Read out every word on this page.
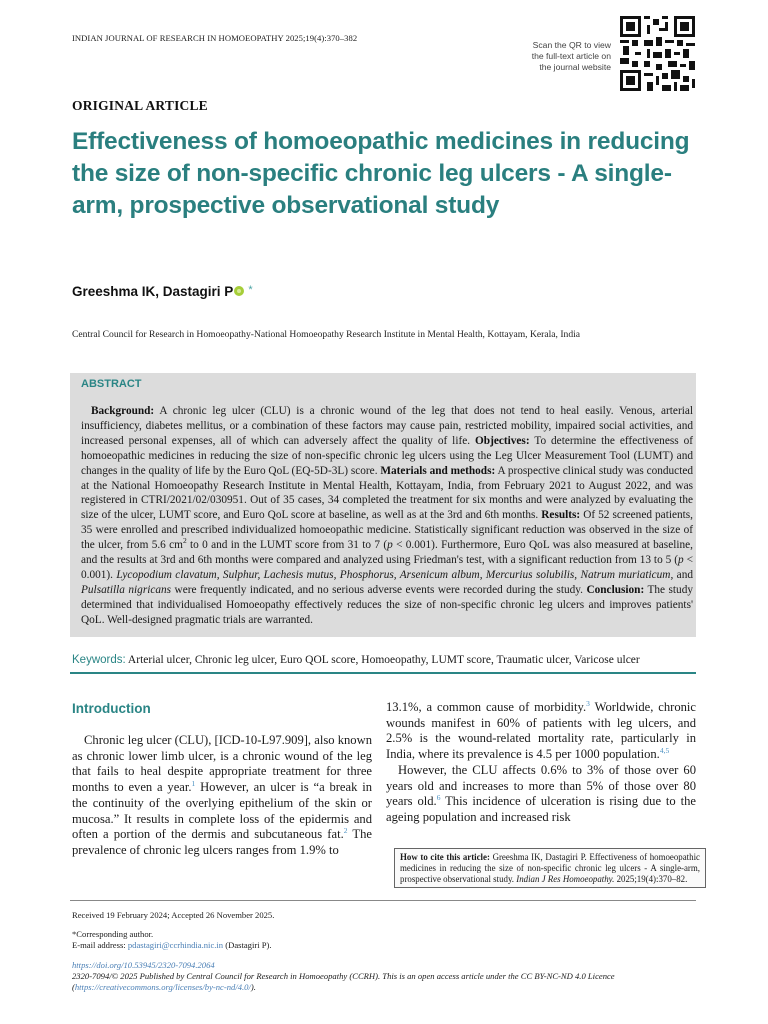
INDIAN JOURNAL OF RESEARCH IN HOMOEOPATHY 2025;19(4):370–382
Scan the QR to view
the full-text article on
the journal website
ORIGINAL ARTICLE
Effectiveness of homoeopathic medicines in reducing the size of non-specific chronic leg ulcers - A single-arm, prospective observational study
Greeshma IK, Dastagiri P *
Central Council for Research in Homoeopathy-National Homoeopathy Research Institute in Mental Health, Kottayam, Kerala, India
ABSTRACT
Background: A chronic leg ulcer (CLU) is a chronic wound of the leg that does not tend to heal easily. Venous, arterial insufficiency, diabetes mellitus, or a combination of these factors may cause pain, restricted mobility, impaired social activities, and increased personal expenses, all of which can adversely affect the quality of life. Objectives: To determine the effectiveness of homoeopathic medicines in reducing the size of non-specific chronic leg ulcers using the Leg Ulcer Measurement Tool (LUMT) and changes in the quality of life by the Euro QoL (EQ-5D-3L) score. Materials and methods: A prospective clinical study was conducted at the National Homoeopathy Research Institute in Mental Health, Kottayam, India, from February 2021 to August 2022, and was registered in CTRI/2021/02/030951. Out of 35 cases, 34 completed the treatment for six months and were analyzed by evaluating the size of the ulcer, LUMT score, and Euro QoL score at baseline, as well as at the 3rd and 6th months. Results: Of 52 screened patients, 35 were enrolled and prescribed individualized homoeopathic medicine. Statistically significant reduction was observed in the size of the ulcer, from 5.6 $cm^2$ to 0 and in the LUMT score from 31 to 7 (p < 0.001). Furthermore, Euro QoL was also measured at baseline, and the results at 3rd and 6th months were compared and analyzed using Friedman's test, with a significant reduction from 13 to 5 (p < 0.001). Lycopodium clavatum, Sulphur, Lachesis mutus, Phosphorus, Arsenicum album, Mercurius solubilis, Natrum muriaticum, and Pulsatilla nigricans were frequently indicated, and no serious adverse events were recorded during the study. Conclusion: The study determined that individualised Homoeopathy effectively reduces the size of non-specific chronic leg ulcers and improves patients' QoL. Well-designed pragmatic trials are warranted.
Keywords: Arterial ulcer, Chronic leg ulcer, Euro QOL score, Homoeopathy, LUMT score, Traumatic ulcer, Varicose ulcer
Introduction
Chronic leg ulcer (CLU), [ICD-10-L97.909], also known as chronic lower limb ulcer, is a chronic wound of the leg that fails to heal despite appropriate treatment for three months to even a year.$^1$ However, an ulcer is “a break in the continuity of the overlying epithelium of the skin or mucosa.” It results in complete loss of the epidermis and often a portion of the dermis and subcutaneous fat.$^2$ The prevalence of chronic leg ulcers ranges from 1.9% to
13.1%, a common cause of morbidity.$^3$ Worldwide, chronic wounds manifest in 60% of patients with leg ulcers, and 2.5% is the wound-related mortality rate, particularly in India, where its prevalence is 4.5 per 1000 population.$^{4,5}$
However, the CLU affects 0.6% to 3% of those over 60 years old and increases to more than 5% of those over 80 years old.$^6$ This incidence of ulceration is rising due to the ageing population and increased risk
How to cite this article: Greeshma IK, Dastagiri P. Effectiveness of homoeopathic medicines in reducing the size of non-specific chronic leg ulcers - A single-arm, prospective observational study. Indian J Res Homoeopathy. 2025;19(4):370–82.
Received 19 February 2024; Accepted 26 November 2025.
*Corresponding author.
E-mail address: pdastagiri@ccrhindia.nic.in (Dastagiri P).
https://doi.org/10.53945/2320-7094.2064
2320-7094/© 2025 Published by Central Council for Research in Homoeopathy (CCRH). This is an open access article under the CC BY-NC-ND 4.0 Licence (https://creativecommons.org/licenses/by-nc-nd/4.0/).
